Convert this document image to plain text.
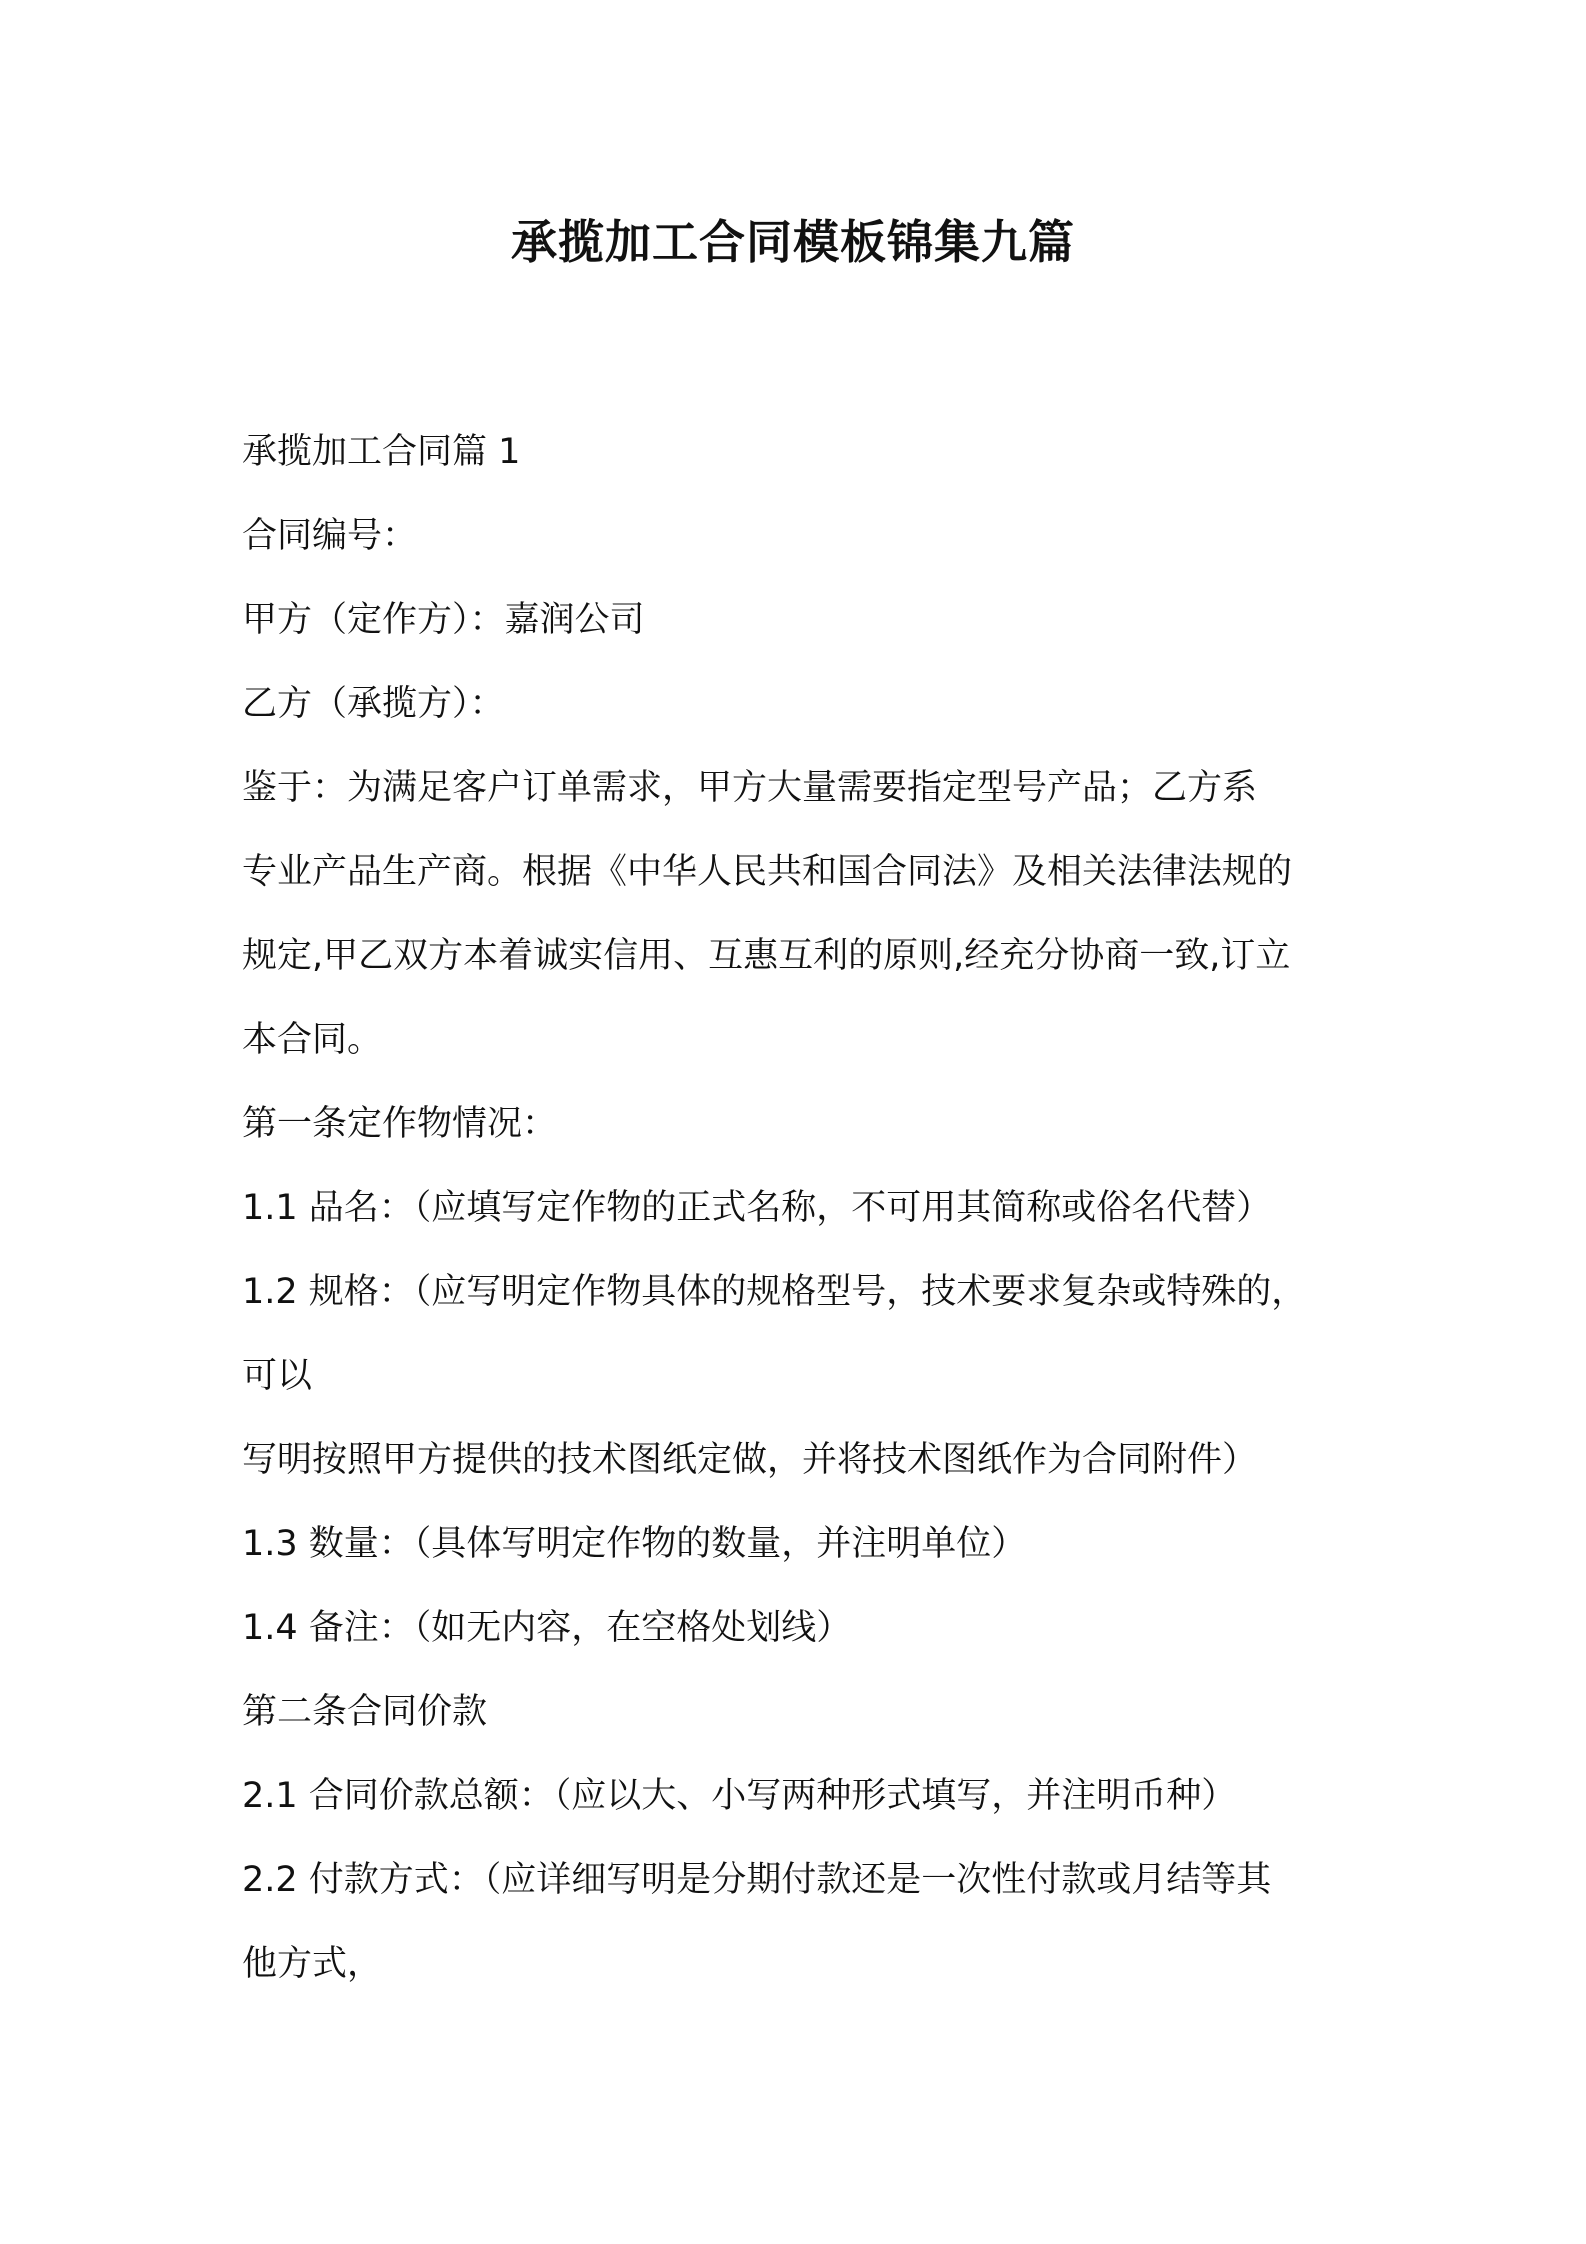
承揽加工合同模板锦集九篇

承揽加工合同篇 1

合同编号：

甲方（定作方）：嘉润公司

乙方（承揽方）：

鉴于：为满足客户订单需求，甲方大量需要指定型号产品；乙方系

专业产品生产商。根据《中华人民共和国合同法》及相关法律法规的

规定,甲乙双方本着诚实信用、互惠互利的原则,经充分协商一致,订立

本合同。

第一条定作物情况：

1.1 品名：（应填写定作物的正式名称，不可用其简称或俗名代替）

1.2 规格：（应写明定作物具体的规格型号，技术要求复杂或特殊的，

可以

写明按照甲方提供的技术图纸定做，并将技术图纸作为合同附件）

1.3 数量：（具体写明定作物的数量，并注明单位）

1.4 备注：（如无内容，在空格处划线）

第二条合同价款

2.1 合同价款总额：（应以大、小写两种形式填写，并注明币种）

2.2 付款方式：（应详细写明是分期付款还是一次性付款或月结等其

他方式，
